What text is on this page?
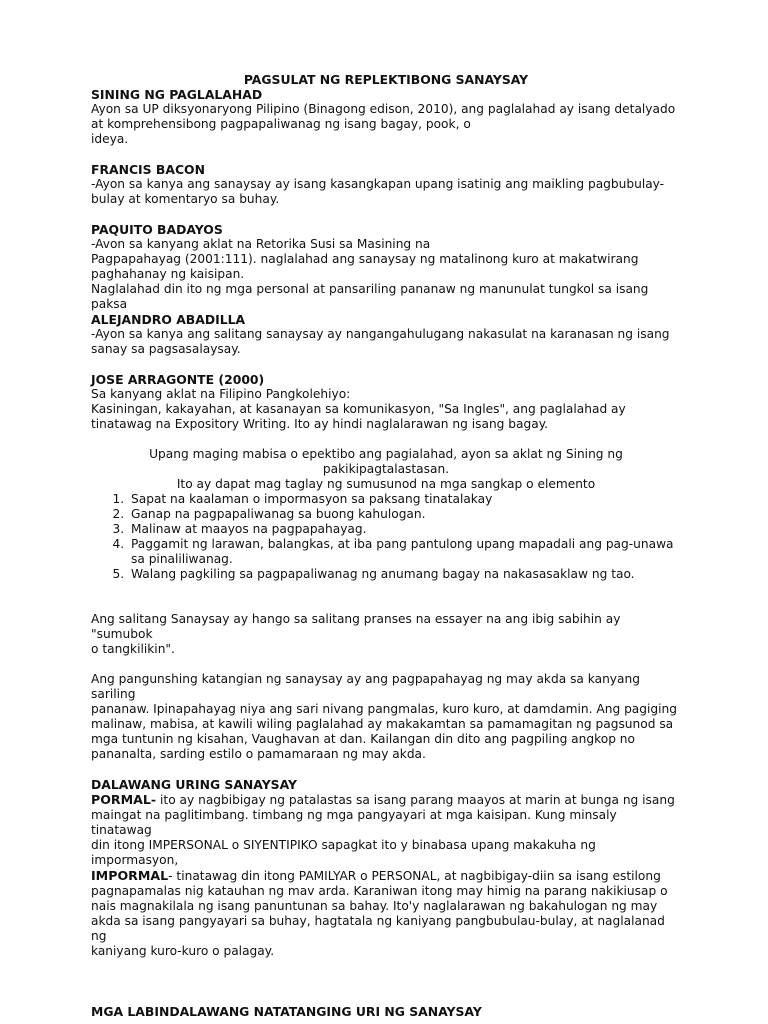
PAGSULAT NG REPLEKTIBONG SANAYSAY

SINING NG PAGLALAHAD

Ayon sa UP diksyonaryong Pilipino (Binagong edison, 2010), ang paglalahad ay isang detalyado

at komprehensibong pagpapaliwanag ng isang bagay, pook, o

ideya.

FRANCIS BACON

-Ayon sa kanya ang sanaysay ay isang kasangkapan upang isatinig ang maikling pagbubulay-

bulay at komentaryo sa buhay.

PAQUITO BADAYOS

-Avon sa kanyang aklat na Retorika Susi sa Masining na

Pagpapahayag (2001:111). naglalahad ang sanaysay ng matalinong kuro at makatwirang

paghahanay ng kaisipan.

Naglalahad din ito ng mga personal at pansariling pananaw ng manunulat tungkol sa isang

paksa

ALEJANDRO ABADILLA

-Ayon sa kanya ang salitang sanaysay ay nangangahulugang nakasulat na karanasan ng isang

sanay sa pagsasalaysay.

JOSE ARRAGONTE (2000)

Sa kanyang aklat na Filipino Pangkolehiyo:

Kasiningan, kakayahan, at kasanayan sa komunikasyon, "Sa Ingles", ang paglalahad ay

tinatawag na Expository Writing. Ito ay hindi naglalarawan ng isang bagay.

Upang maging mabisa o epektibo ang pagialahad, ayon sa aklat ng Sining ng

pakikipagtalastasan.

Ito ay dapat mag taglay ng sumusunod na mga sangkap o elemento

1. Sapat na kaalaman o impormasyon sa paksang tinatalakay
2. Ganap na pagpapaliwanag sa buong kahulogan.
3. Malinaw at maayos na pagpapahayag.
4. Paggamit ng larawan, balangkas, at iba pang pantulong upang mapadali ang pag-unawa sa pinaliliwanag.
5. Walang pagkiling sa pagpapaliwanag ng anumang bagay na nakasasaklaw ng tao.

Ang salitang Sanaysay ay hango sa salitang pranses na essayer na ang ibig sabihin ay "sumubok

o tangkilikin".

Ang pangunshing katangian ng sanaysay ay ang pagpapahayag ng may akda sa kanyang sariling

pananaw. Ipinapahayag niya ang sari nivang pangmalas, kuro kuro, at damdamin. Ang pagiging

malinaw, mabisa, at kawili wiling paglalahad ay makakamtan sa pamamagitan ng pagsunod sa

mga tuntunin ng kisahan, Vaughavan at dan. Kailangan din dito ang pagpiling angkop no

pananalta, sarding estilo o pamamaraan ng may akda.

DALAWANG URING SANAYSAY

PORMAL- ito ay nagbibigay ng patalastas sa isang parang maayos at marin at bunga ng isang

maingat na paglitimbang. timbang ng mga pangyayari at mga kaisipan. Kung minsaly tinatawag

din itong IMPERSONAL o SIYENTIPIKO sapagkat ito y binabasa upang makakuha ng

impormasyon,

IMPORMAL- tinatawag din itong PAMILYAR o PERSONAL, at nagbibigay-diin sa isang estilong

pagnapamalas nig katauhan ng mav arda. Karaniwan itong may himig na parang nakikiusap o

nais magnakilala ng isang panuntunan sa bahay. Ito'y naglalarawan ng bakahulogan ng may

akda sa isang pangyayari sa buhay, hagtatala ng kaniyang pangbubulau-bulay, at naglalanad ng

kaniyang kuro-kuro o palagay.

MGA LABINDALAWANG NATATANGING URI NG SANAYSAY
